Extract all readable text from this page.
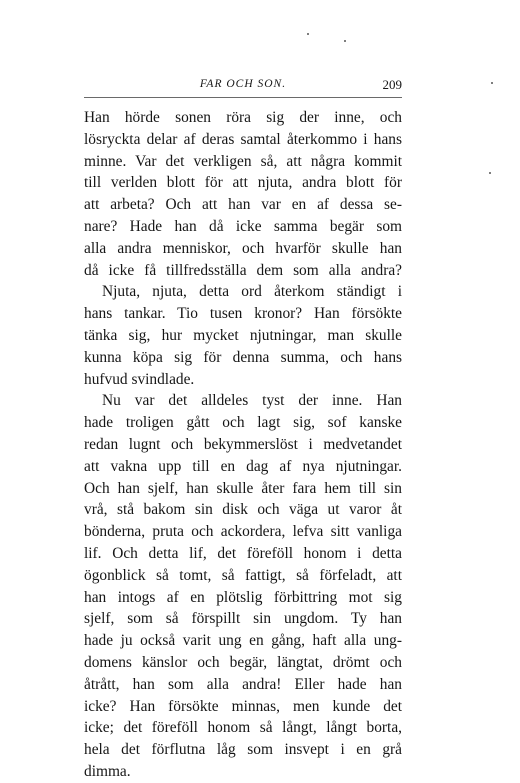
FAR OCH SON.	209
Han hörde sonen röra sig der inne, och
lösryckta delar af deras samtal återkommo i hans
minne. Var det verkligen så, att några kommit
till verlden blott för att njuta, andra blott för
att arbeta? Och att han var en af dessa se-
nare? Hade han då icke samma begär som
alla andra menniskor, och hvarför skulle han
då icke få tillfredsställa dem som alla andra?
Njuta, njuta, detta ord återkom ständigt i
hans tankar. Tio tusen kronor? Han försökte
tänka sig, hur mycket njutningar, man skulle
kunna köpa sig för denna summa, och hans
hufvud svindlade.
Nu var det alldeles tyst der inne. Han
hade troligen gått och lagt sig, sof kanske
redan lugnt och bekymmerslöst i medvetandet
att vakna upp till en dag af nya njutningar.
Och han sjelf, han skulle åter fara hem till sin
vrå, stå bakom sin disk och väga ut varor åt
bönderna, pruta och ackordera, lefva sitt vanliga
lif. Och detta lif, det föreföll honom i detta
ögonblick så tomt, så fattigt, så förfeladt, att
han intogs af en plötslig förbittring mot sig
sjelf, som så förspillt sin ungdom. Ty han
hade ju också varit ung en gång, haft alla ung-
domens känslor och begär, längtat, drömt och
åtrått, han som alla andra! Eller hade han
icke? Han försökte minnas, men kunde det
icke; det föreföll honom så långt, långt borta,
hela det förflutna låg som insvept i en grå
dimma.
